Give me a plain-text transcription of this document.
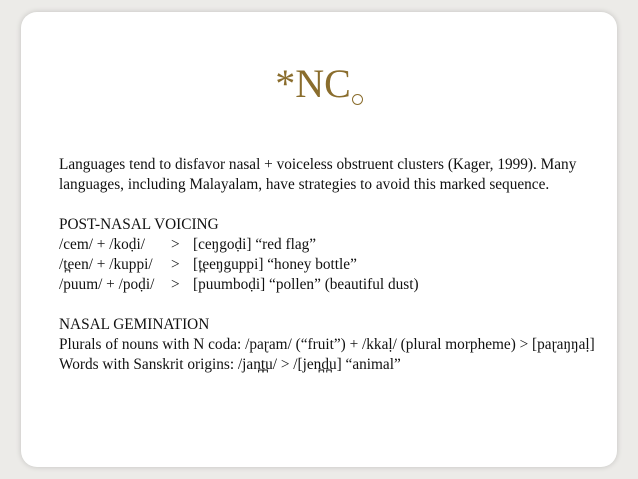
*NC

Languages tend to disfavor nasal + voiceless obstruent clusters (Kager, 1999). Many

languages, including Malayalam, have strategies to avoid this marked sequence.

POST-NASAL VOICING

/cem/ + /koḍi/	> [ceŋgoḍi] “red flag”
/t̪een/ + /kuppi/	> [t̪eeŋguppi] “honey bottle”
/puum/ + /poḍi/	> [puumboḍi] “pollen” (beautiful dust)

NASAL GEMINATION

Plurals of nouns with N coda: /paɽam/ (“fruit”) + /kkaḷ/ (plural morpheme) > [paɽaŋŋaḷ]

Words with Sanskrit origins: /jan̪t̪u/ > /[jen̪d̪u] “animal”
